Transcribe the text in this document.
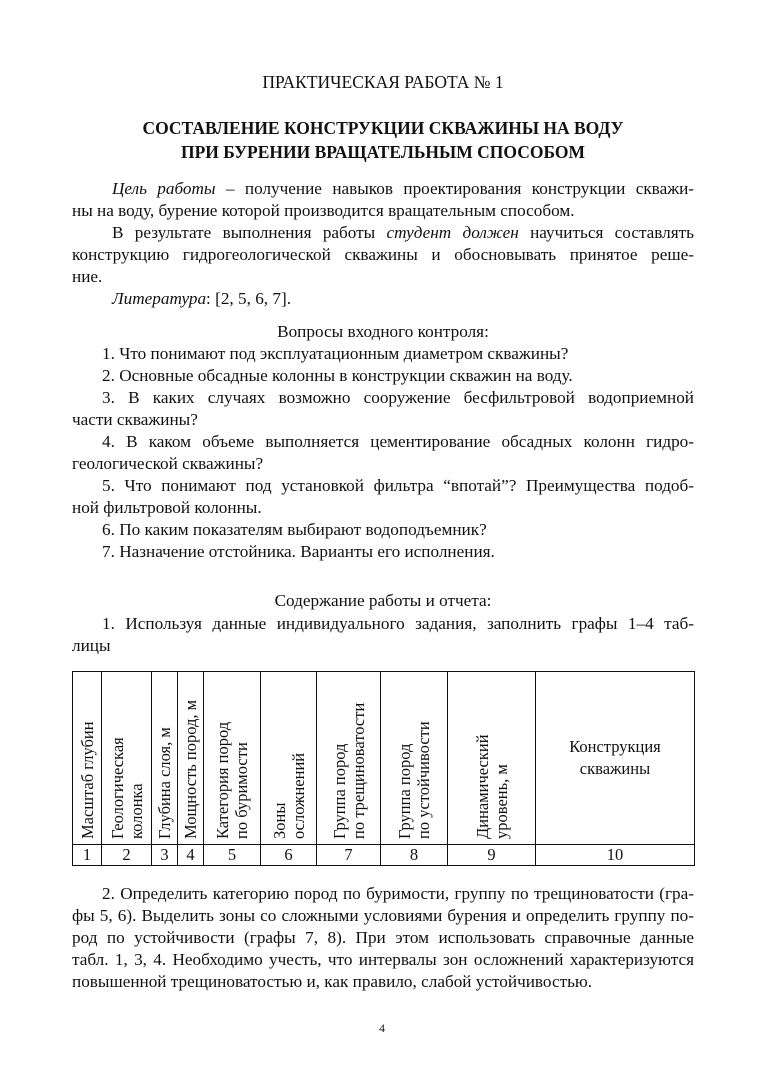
ПРАКТИЧЕСКАЯ РАБОТА № 1
СОСТАВЛЕНИЕ КОНСТРУКЦИИ СКВАЖИНЫ НА ВОДУ
ПРИ БУРЕНИИ ВРАЩАТЕЛЬНЫМ СПОСОБОМ
Цель работы – получение навыков проектирования конструкции скважи-
ны на воду, бурение которой производится вращательным способом.
В результате выполнения работы студент должен научиться составлять
конструкцию гидрогеологической скважины и обосновывать принятое реше-
ние.
Литература: [2, 5, 6, 7].
Вопросы входного контроля:
1. Что понимают под эксплуатационным диаметром скважины?
2. Основные обсадные колонны в конструкции скважин на воду.
3. В каких случаях возможно сооружение бесфильтровой водоприемной
части скважины?
4. В каком объеме выполняется цементирование обсадных колонн гидро-
геологической скважины?
5. Что понимают под установкой фильтра “впотай”? Преимущества подоб-
ной фильтровой колонны.
6. По каким показателям выбирают водоподъемник?
7. Назначение отстойника. Варианты его исполнения.
Содержание работы и отчета:
1. Используя данные индивидуального задания, заполнить графы 1–4 таб-
лицы
Масштаб глубин	Геологическая колонка	Глубина слоя, м	Мощность пород, м	Категория пород по буримости	Зоны осложнений	Группа пород по трещиноватости	Группа пород по устойчивости	Динамический уровень, м	Конструкция
скважины

1	2	3	4	5	6	7	8	9	10
2. Определить категорию пород по буримости, группу по трещиноватости (гра-
фы 5, 6). Выделить зоны со сложными условиями бурения и определить группу по-
род по устойчивости (графы 7, 8). При этом использовать справочные данные
табл. 1, 3, 4. Необходимо учесть, что интервалы зон осложнений характеризуются
повышенной трещиноватостью и, как правило, слабой устойчивостью.
4
